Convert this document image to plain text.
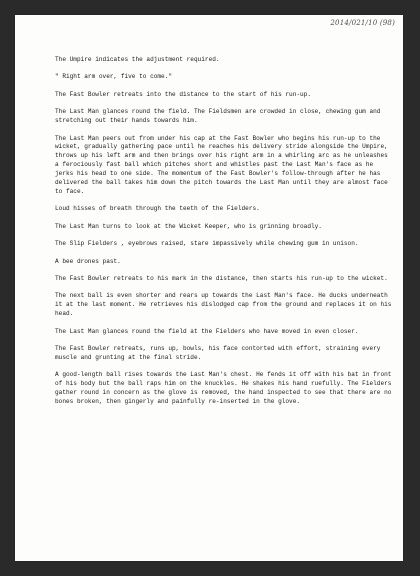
2014/021/10 (98)

The Umpire indicates the adjustment required.

" Right arm over, five to come."

The Fast Bowler retreats into the distance to the start of his run-up.

The Last Man glances round the field. The Fieldsmen are crowded in close, chewing gum and stretching out their hands towards him.

The Last Man peers out from under his cap at the Fast Bowler who begins his run-up to the wicket, gradually gathering pace until he reaches his delivery stride alongside the Umpire, throws up his left arm and then brings over his right arm in a whirling arc as he unleashes a ferociously fast ball which pitches short and whistles past the Last Man's face as he jerks his head to one side. The momentum of the Fast Bowler's follow-through after he has delivered the ball takes him down the pitch towards the Last Man until they are almost face to face.

Loud hisses of breath through the teeth of the Fielders.

The Last Man turns to look at the Wicket Keeper, who is grinning broadly.

The Slip Fielders , eyebrows raised, stare impassively while chewing gum in unison.

A bee drones past.

The Fast Bowler retreats to his mark in the distance, then starts his run-up to the wicket.

The next ball is even shorter and rears up towards the Last Man's face. He ducks underneath it at the last moment. He retrieves his dislodged cap from the ground and replaces it on his head.

The Last Man glances round the field at the Fielders who have moved in even closer.

The Fast Bowler retreats, runs up, bowls, his face contorted with effort, straining every muscle and grunting at the final stride.

A good-length ball rises towards the Last Man's chest. He fends it off with his bat in front of his body but the ball raps him on the knuckles. He shakes his hand ruefully. The Fielders gather round in concern as the glove is removed, the hand inspected to see that there are no bones broken, then gingerly and painfully re-inserted in the glove.
